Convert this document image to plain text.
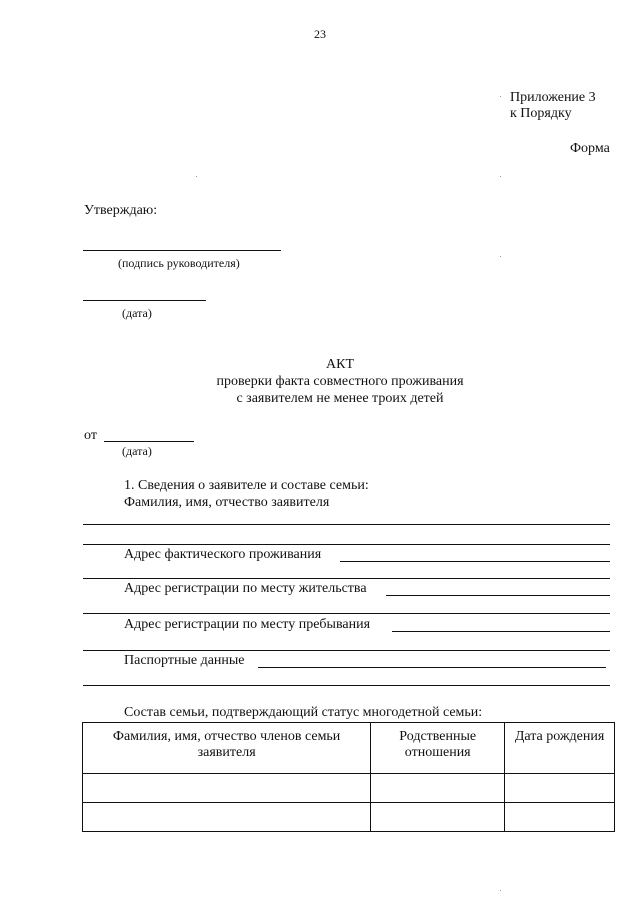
23
Приложение 3
к Порядку
Форма
Утверждаю:
(подпись руководителя)
(дата)
АКТ
проверки факта совместного проживания
с заявителем не менее троих детей
от
(дата)
1. Сведения о заявителе и составе семьи:
Фамилия, имя, отчество заявителя
Адрес фактического проживания
Адрес регистрации по месту жительства
Адрес регистрации по месту пребывания
Паспортные данные
Состав семьи, подтверждающий статус многодетной семьи:
Фамилия, имя, отчество членов семьи заявителя	Родственные отношения	Дата рождения
